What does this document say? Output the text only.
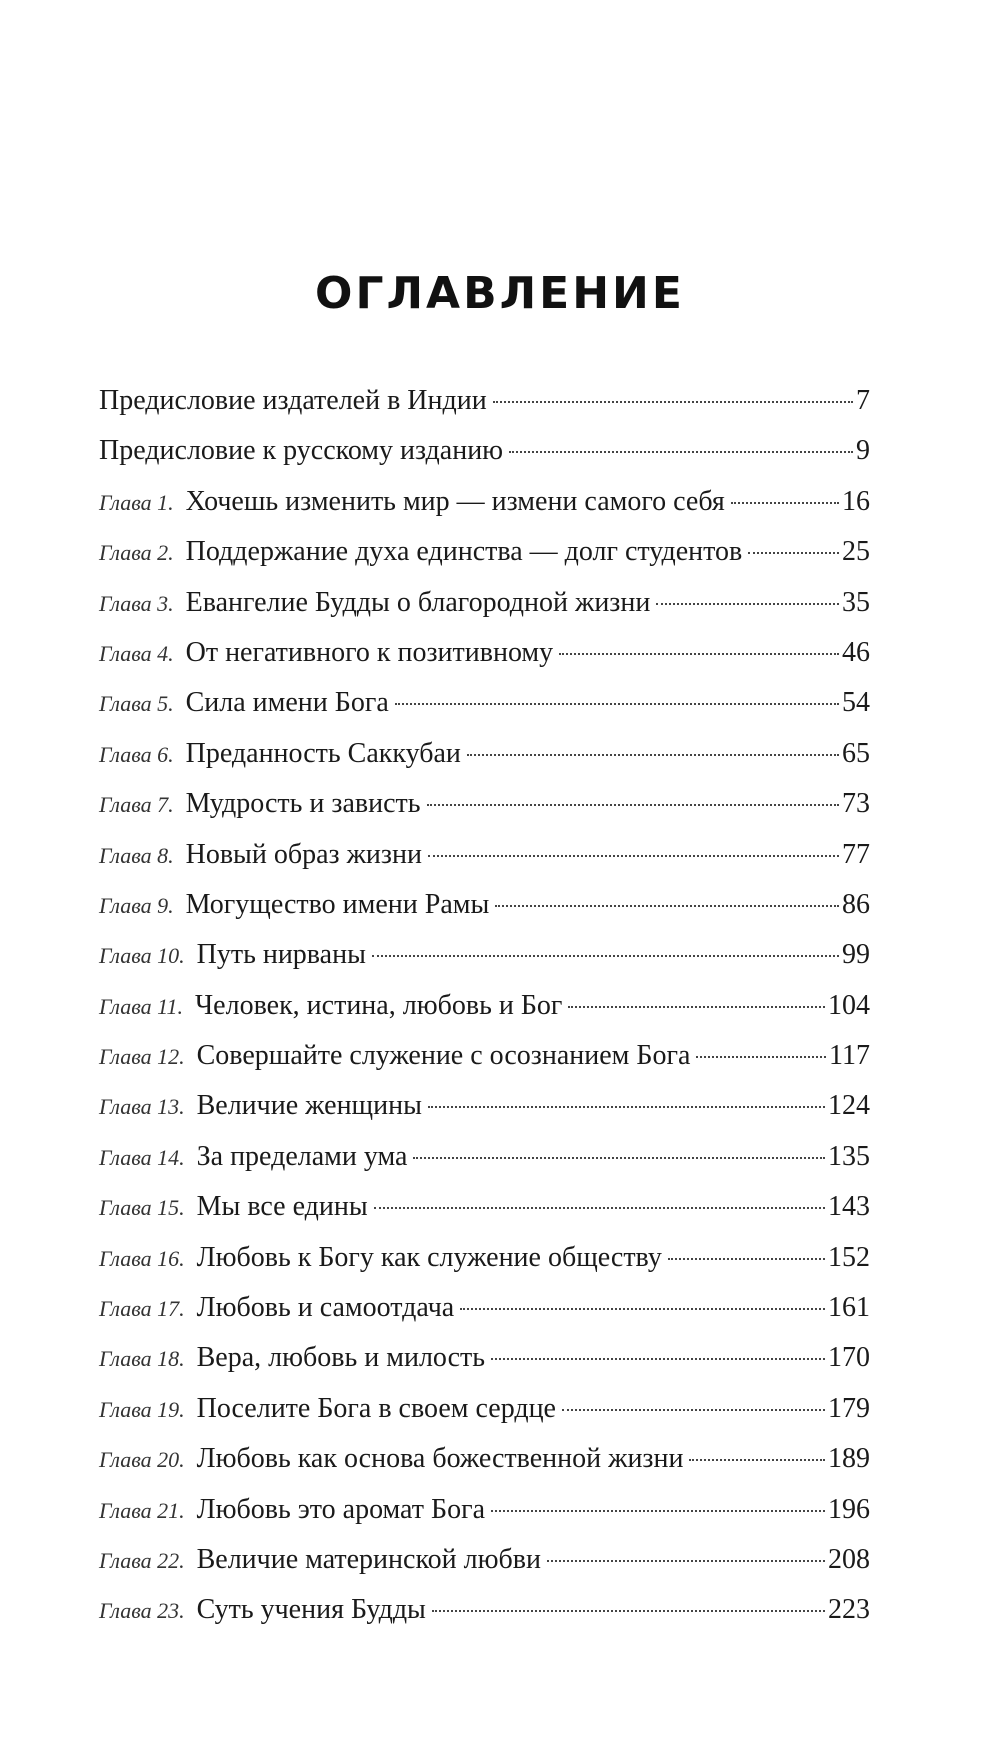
ОГЛАВЛЕНИЕ
Предисловие издателей в Индии	7
Предисловие к русскому изданию	9
Глава 1. Хочешь изменить мир — измени самого себя	16
Глава 2. Поддержание духа единства — долг студентов	25
Глава 3. Евангелие Будды о благородной жизни	35
Глава 4. От негативного к позитивному	46
Глава 5. Сила имени Бога	54
Глава 6. Преданность Саккубаи	65
Глава 7. Мудрость и зависть	73
Глава 8. Новый образ жизни	77
Глава 9. Могущество имени Рамы	86
Глава 10. Путь нирваны	99
Глава 11. Человек, истина, любовь и Бог	104
Глава 12. Совершайте служение с осознанием Бога	117
Глава 13. Величие женщины	124
Глава 14. За пределами ума	135
Глава 15. Мы все едины	143
Глава 16. Любовь к Богу как служение обществу	152
Глава 17. Любовь и самоотдача	161
Глава 18. Вера, любовь и милость	170
Глава 19. Поселите Бога в своем сердце	179
Глава 20. Любовь как основа божественной жизни	189
Глава 21. Любовь это аромат Бога	196
Глава 22. Величие материнской любви	208
Глава 23. Суть учения Будды	223
